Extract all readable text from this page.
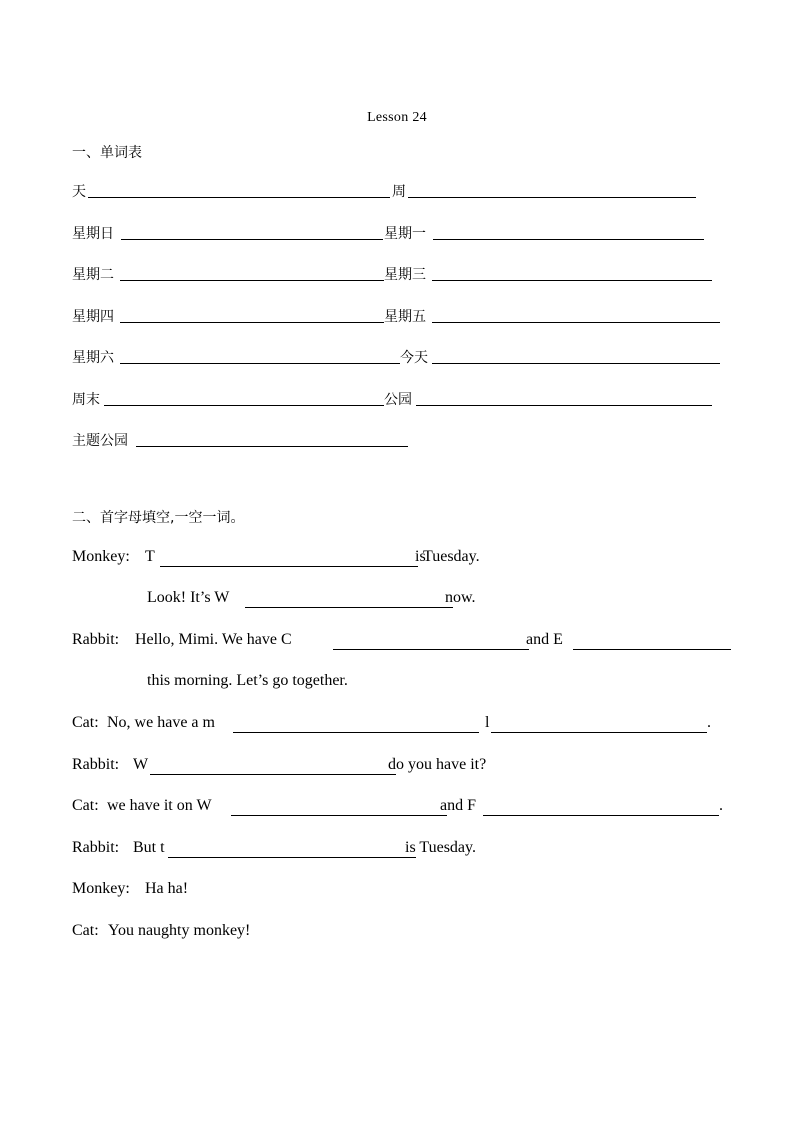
Lesson 24
一、单词表
天	周
星期日	星期一
星期二	星期三
星期四	星期五
星期六	今天
周末	公园
主题公园
二、首字母填空,一空一词。
Monkey: T	is
Tuesday.
Look! It’s W	now.
Rabbit: Hello, Mimi. We have C	and E
this morning. Let’s go together.
Cat: No, we have a m	l	.
Rabbit: W	do you have it?
Cat: we have it on W	and F	.
Rabbit: But t	is Tuesday.
Monkey: Ha ha!
Cat: You naughty monkey!
